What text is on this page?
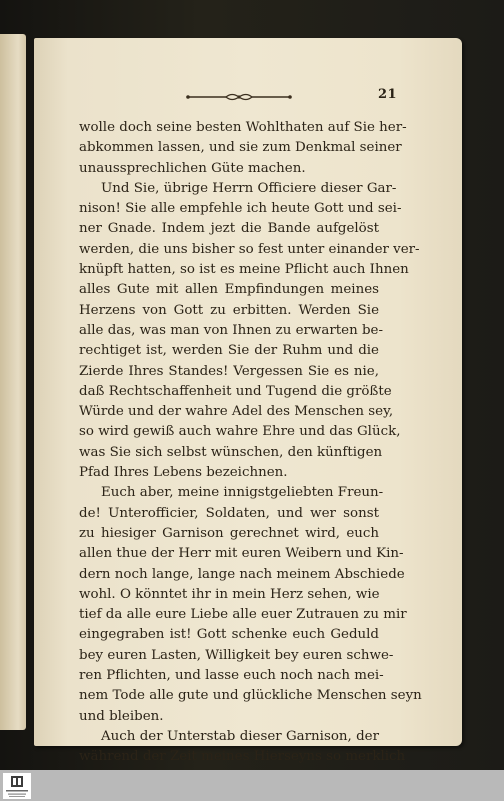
21
wolle doch seine besten Wohlthaten auf Sie her-
abkommen lassen, und sie zum Denkmal seiner
unaussprechlichen Güte machen.
Und Sie, übrige Herrn Officiere dieser Gar-
nison! Sie alle empfehle ich heute Gott und sei-
ner Gnade. Indem jezt die Bande aufgelöst
werden, die uns bisher so fest unter einander ver-
knüpft hatten, so ist es meine Pflicht auch Ihnen
alles Gute mit allen Empfindungen meines
Herzens von Gott zu erbitten. Werden Sie
alle das, was man von Ihnen zu erwarten be-
rechtiget ist, werden Sie der Ruhm und die
Zierde Ihres Standes! Vergessen Sie es nie,
daß Rechtschaffenheit und Tugend die größte
Würde und der wahre Adel des Menschen sey,
so wird gewiß auch wahre Ehre und das Glück,
was Sie sich selbst wünschen, den künftigen
Pfad Ihres Lebens bezeichnen.
Euch aber, meine innigstgeliebten Freun-
de! Unterofficier, Soldaten, und wer sonst
zu hiesiger Garnison gerechnet wird, euch
allen thue der Herr mit euren Weibern und Kin-
dern noch lange, lange nach meinem Abschiede
wohl. O könntet ihr in mein Herz sehen, wie
tief da alle eure Liebe alle euer Zutrauen zu mir
eingegraben ist! Gott schenke euch Geduld
bey euren Lasten, Willigkeit bey euren schwe-
ren Pflichten, und lasse euch noch nach mei-
nem Tode alle gute und glückliche Menschen seyn
und bleiben.
Auch der Unterstab dieser Garnison, der
während der Zeit meines Hierseyns so merklich
